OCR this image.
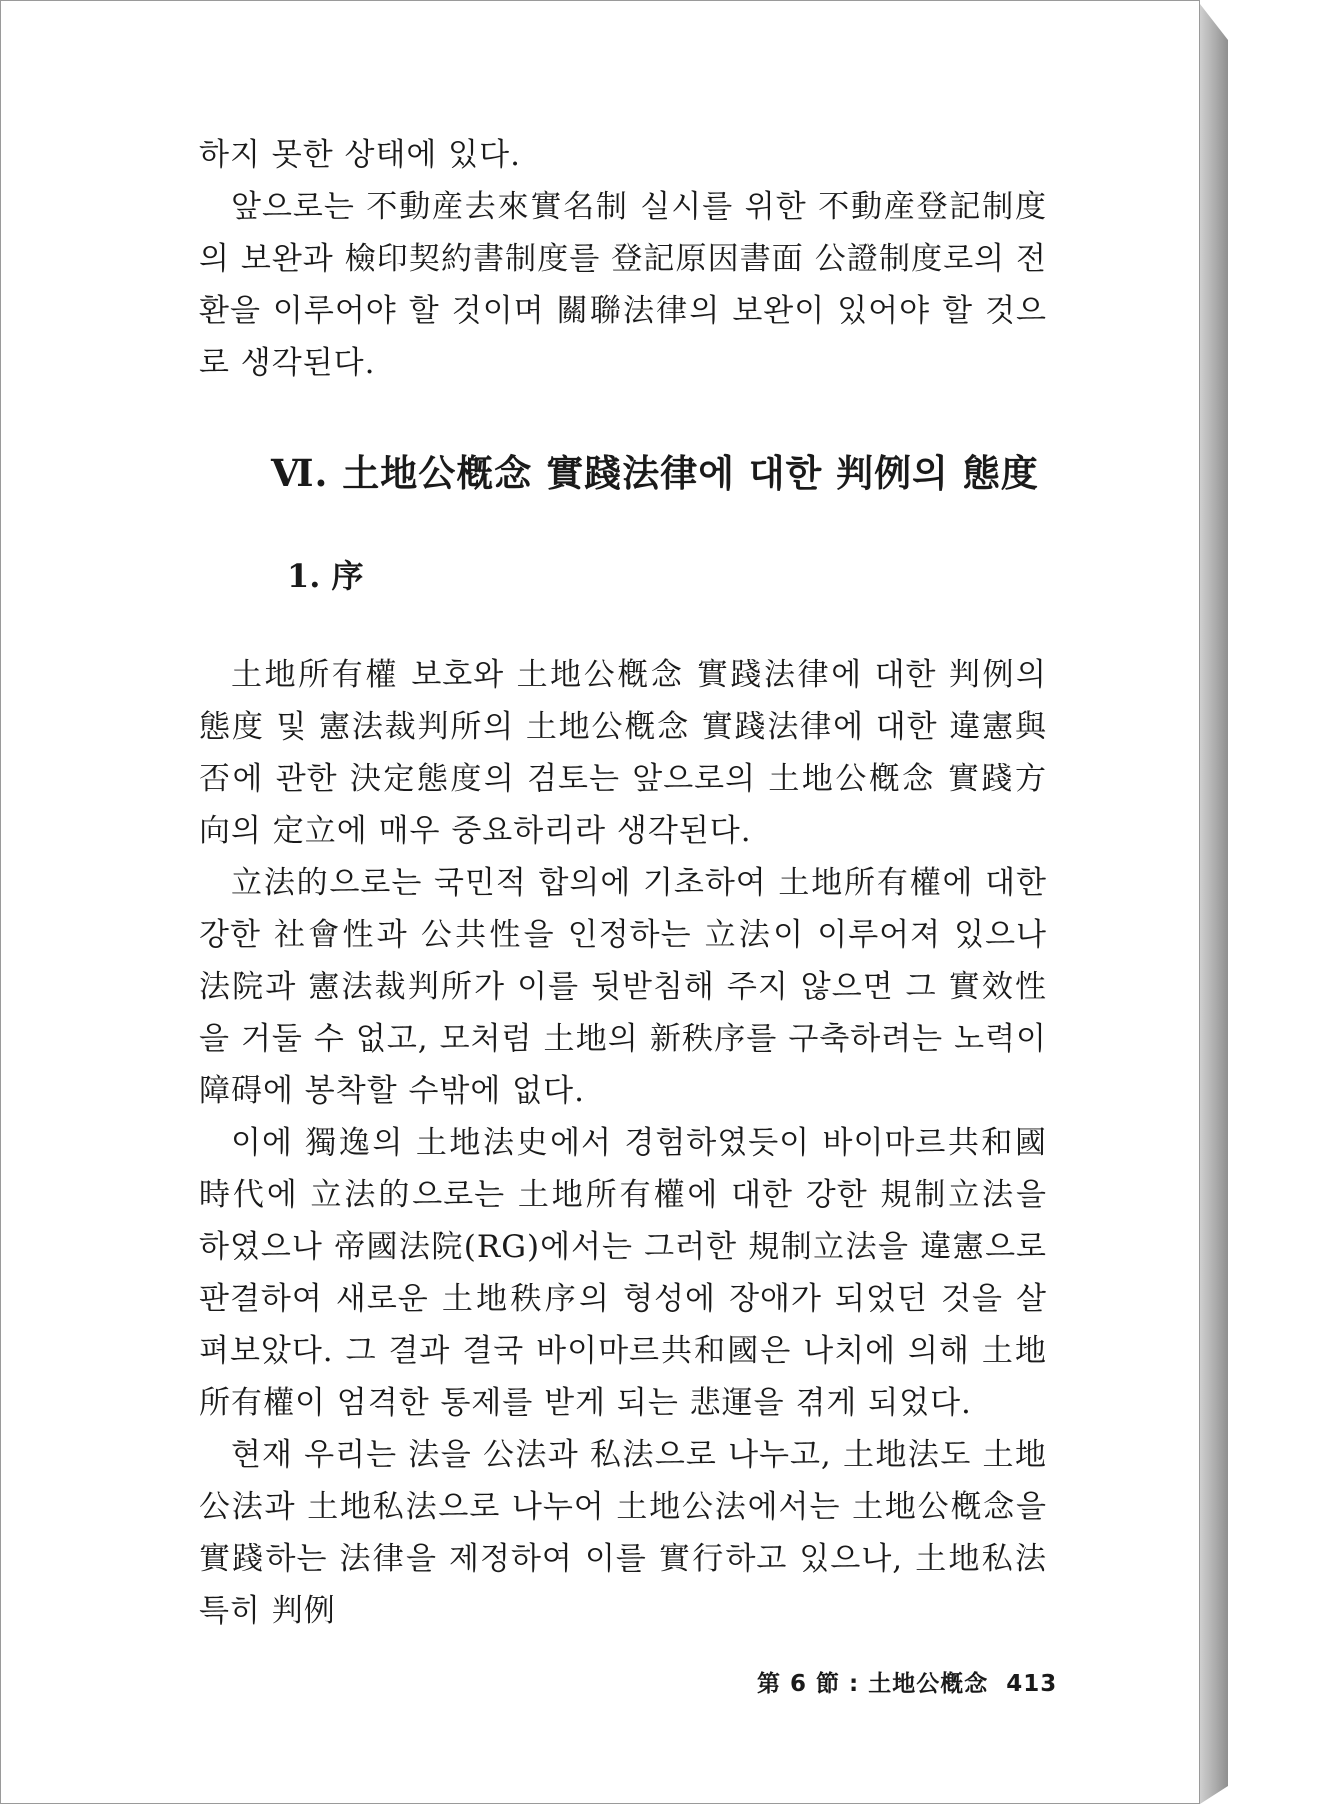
하지 못한 상태에 있다.

앞으로는 不動産去來實名制 실시를 위한 不動産登記制度의 보완과 檢印契約書制度를 登記原因書面 公證制度로의 전환을 이루어야 할 것이며 關聯法律의 보완이 있어야 할 것으로 생각된다.

Ⅵ. 土地公槪念 實踐法律에 대한 判例의 態度
1. 序

土地所有權 보호와 土地公槪念 實踐法律에 대한 判例의 態度 및 憲法裁判所의 土地公槪念 實踐法律에 대한 違憲與否에 관한 決定態度의 검토는 앞으로의 土地公槪念 實踐方向의 定立에 매우 중요하리라 생각된다.

立法的으로는 국민적 합의에 기초하여 土地所有權에 대한 강한 社會性과 公共性을 인정하는 立法이 이루어져 있으나 法院과 憲法裁判所가 이를 뒷받침해 주지 않으면 그 實效性을 거둘 수 없고, 모처럼 土地의 新秩序를 구축하려는 노력이 障碍에 봉착할 수밖에 없다.

이에 獨逸의 土地法史에서 경험하였듯이 바이마르共和國 時代에 立法的으로는 土地所有權에 대한 강한 規制立法을 하였으나 帝國法院(RG)에서는 그러한 規制立法을 違憲으로 판결하여 새로운 土地秩序의 형성에 장애가 되었던 것을 살펴보았다. 그 결과 결국 바이마르共和國은 나치에 의해 土地所有權이 엄격한 통제를 받게 되는 悲運을 겪게 되었다.

현재 우리는 法을 公法과 私法으로 나누고, 土地法도 土地公法과 土地私法으로 나누어 土地公法에서는 土地公槪念을 實踐하는 法律을 제정하여 이를 實行하고 있으나, 土地私法 특히 判例

第 6 節 : 土地公槪念 413
